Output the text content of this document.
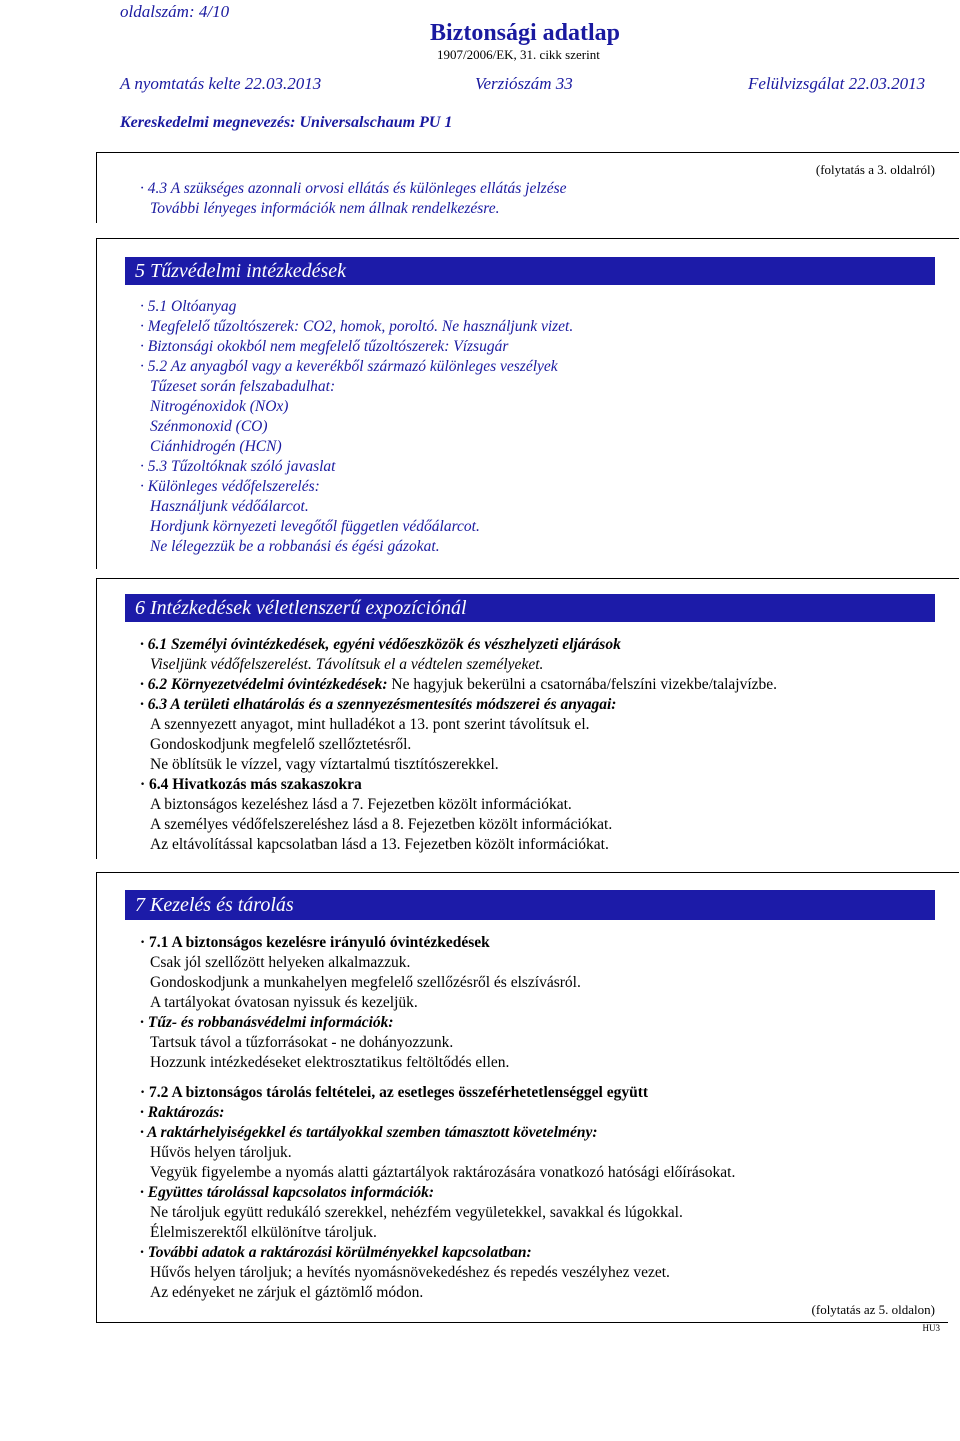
oldalszám: 4/10
Biztonsági adatlap
1907/2006/EK, 31. cikk szerint
A nyomtatás kelte 22.03.2013	Verziószám 33	Felülvizsgálat 22.03.2013
Kereskedelmi megnevezés: Universalschaum PU 1
(folytatás a 3. oldalról)
· 4.3 A szükséges azonnali orvosi ellátás és különleges ellátás jelzése
További lényeges információk nem állnak rendelkezésre.
5 Tűzvédelmi intézkedések
· 5.1 Oltóanyag
· Megfelelő tűzoltószerek: CO2, homok, poroltó. Ne használjunk vizet.
· Biztonsági okokból nem megfelelő tűzoltószerek: Vízsugár
· 5.2 Az anyagból vagy a keverékből származó különleges veszélyek
Tűzeset során felszabadulhat:
Nitrogénoxidok (NOx)
Szénmonoxid (CO)
Ciánhidrogén (HCN)
· 5.3 Tűzoltóknak szóló javaslat
· Különleges védőfelszerelés:
Használjunk védőálarcot.
Hordjunk környezeti levegőtől független védőálarcot.
Ne lélegezzük be a robbanási és égési gázokat.
6 Intézkedések véletlenszerű expozíciónál
· 6.1 Személyi óvintézkedések, egyéni védőeszközök és vészhelyzeti eljárások
Viseljünk védőfelszerelést. Távolítsuk el a védtelen személyeket.
· 6.2 Környezetvédelmi óvintézkedések: Ne hagyjuk bekerülni a csatornába/felszíni vizekbe/talajvízbe.
· 6.3 A területi elhatárolás és a szennyezésmentesítés módszerei és anyagai:
A szennyezett anyagot, mint hulladékot a 13. pont szerint távolítsuk el.
Gondoskodjunk megfelelő szellőztetésről.
Ne öblítsük le vízzel, vagy víztartalmú tisztítószerekkel.
· 6.4 Hivatkozás más szakaszokra
A biztonságos kezeléshez lásd a 7. Fejezetben közölt információkat.
A személyes védőfelszereléshez lásd a 8. Fejezetben közölt információkat.
Az eltávolítással kapcsolatban lásd a 13. Fejezetben közölt információkat.
7 Kezelés és tárolás
· 7.1 A biztonságos kezelésre irányuló óvintézkedések
Csak jól szellőzött helyeken alkalmazzuk.
Gondoskodjunk a munkahelyen megfelelő szellőzésről és elszívásról.
A tartályokat óvatosan nyissuk és kezeljük.
· Tűz- és robbanásvédelmi információk:
Tartsuk távol a tűzforrásokat - ne dohányozzunk.
Hozzunk intézkedéseket elektrosztatikus feltöltődés ellen.
· 7.2 A biztonságos tárolás feltételei, az esetleges összeférhetetlenséggel együtt
· Raktározás:
· A raktárhelyiségekkel és tartályokkal szemben támasztott követelmény:
Hűvös helyen tároljuk.
Vegyük figyelembe a nyomás alatti gáztartályok raktározására vonatkozó hatósági előírásokat.
· Együttes tárolással kapcsolatos információk:
Ne tároljuk együtt redukáló szerekkel, nehézfém vegyületekkel, savakkal és lúgokkal.
Élelmiszerektől elkülönítve tároljuk.
· További adatok a raktározási körülményekkel kapcsolatban:
Hűvős helyen tároljuk; a hevítés nyomásnövekedéshez és repedés veszélyhez vezet.
Az edényeket ne zárjuk el gáztömlő módon.
(folytatás az 5. oldalon)
HU3
